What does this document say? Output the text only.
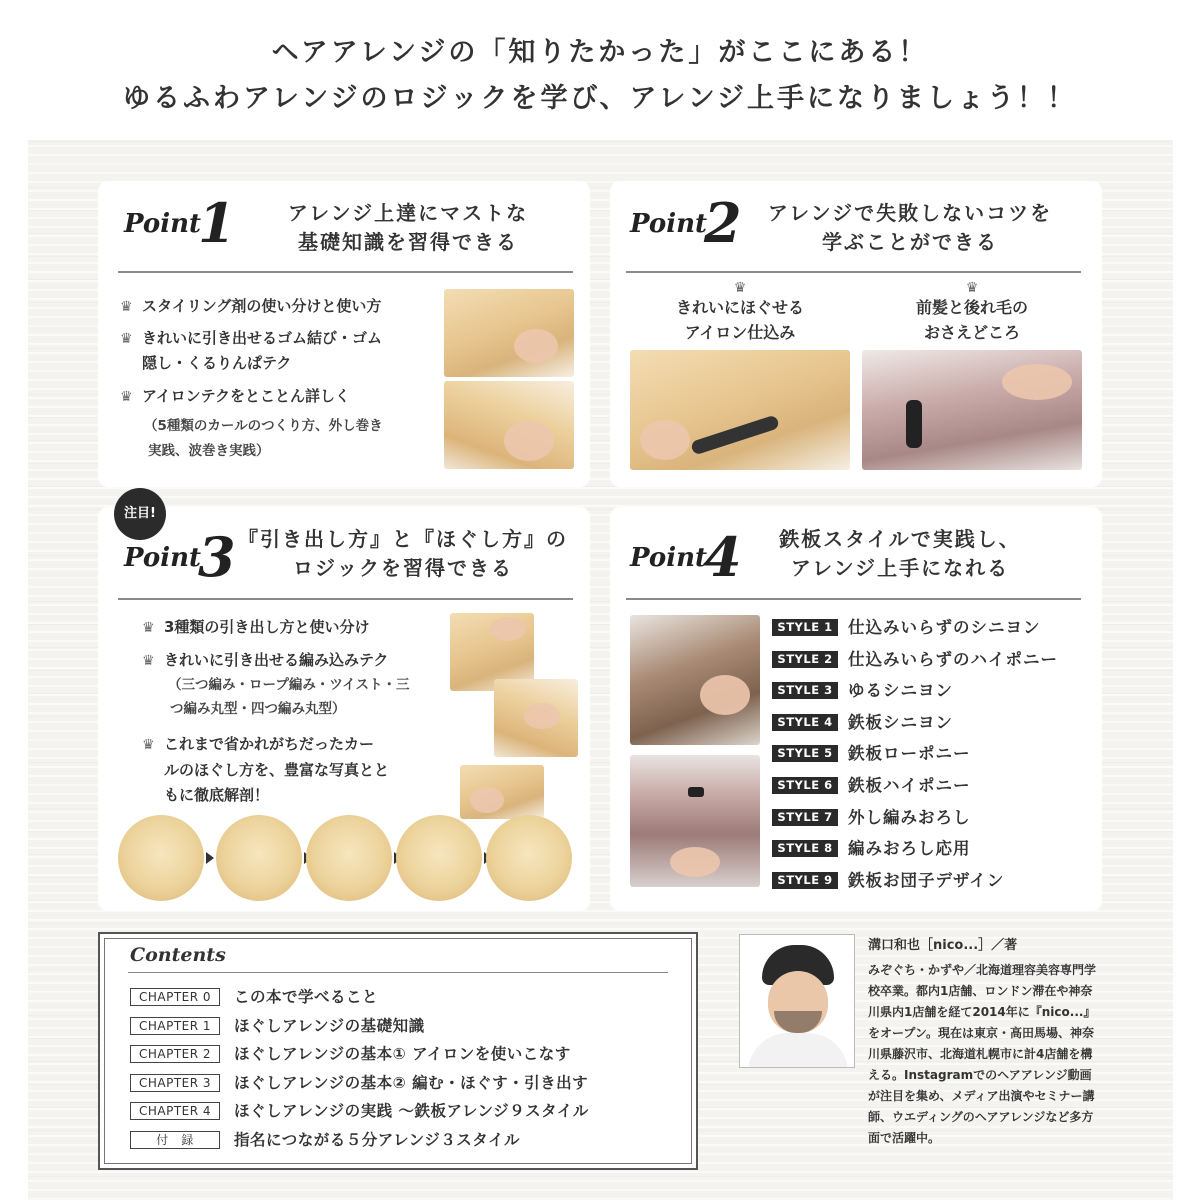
ヘアアレンジの「知りたかった」がここにある！
ゆるふわアレンジのロジックを学び、アレンジ上手になりましょう！！
Point
1	アレンジ上達にマストな
基礎知識を習得できる
♛ スタイリング剤の使い分けと使い方
♛ きれいに引き出せるゴム結び・ゴム
隠し・くるりんぱテク
♛ アイロンテクをとことん詳しく
（5種類のカールのつくり方、外し巻き
実践、波巻き実践）
Point
2	アレンジで失敗しないコツを
学ぶことができる
♛
きれいにほぐせる
アイロン仕込み
♛
前髪と後れ毛の
おさえどころ
Point
3 『引き出し方』と『ほぐし方』の
ロジックを習得できる
♛ 3種類の引き出し方と使い分け
♛ きれいに引き出せる編み込みテク
（三つ編み・ロープ編み・ツイスト・三
つ編み丸型・四つ編み丸型）
♛ これまで省かれがちだったカー
ルのほぐし方を、豊富な写真とと
もに徹底解剖！
注目!
Point
4	鉄板スタイルで実践し、
アレンジ上手になれる
STYLE 1 仕込みいらずのシニヨン
STYLE 2 仕込みいらずのハイポニー
STYLE 3 ゆるシニヨン
STYLE 4 鉄板シニヨン
STYLE 5 鉄板ローポニー
STYLE 6 鉄板ハイポニー
STYLE 7 外し編みおろし
STYLE 8 編みおろし応用
STYLE 9 鉄板お団子デザイン
Contents
CHAPTER 0	この本で学べること
CHAPTER 1	ほぐしアレンジの基礎知識
CHAPTER 2	ほぐしアレンジの基本① アイロンを使いこなす
CHAPTER 3	ほぐしアレンジの基本② 編む・ほぐす・引き出す
CHAPTER 4	ほぐしアレンジの実践 ～鉄板アレンジ９スタイル
付　録	指名につながる５分アレンジ３スタイル
溝口和也［nico...］／著
みぞぐち・かずや／北海道理容美容専門学校卒業。都内1店舗、ロンドン滞在や神奈川県内1店舗を経て2014年に『nico...』をオープン。現在は東京・高田馬場、神奈川県藤沢市、北海道札幌市に計4店舗を構える。Instagramでのヘアアレンジ動画が注目を集め、メディア出演やセミナー講師、ウエディングのヘアアレンジなど多方面で活躍中。
